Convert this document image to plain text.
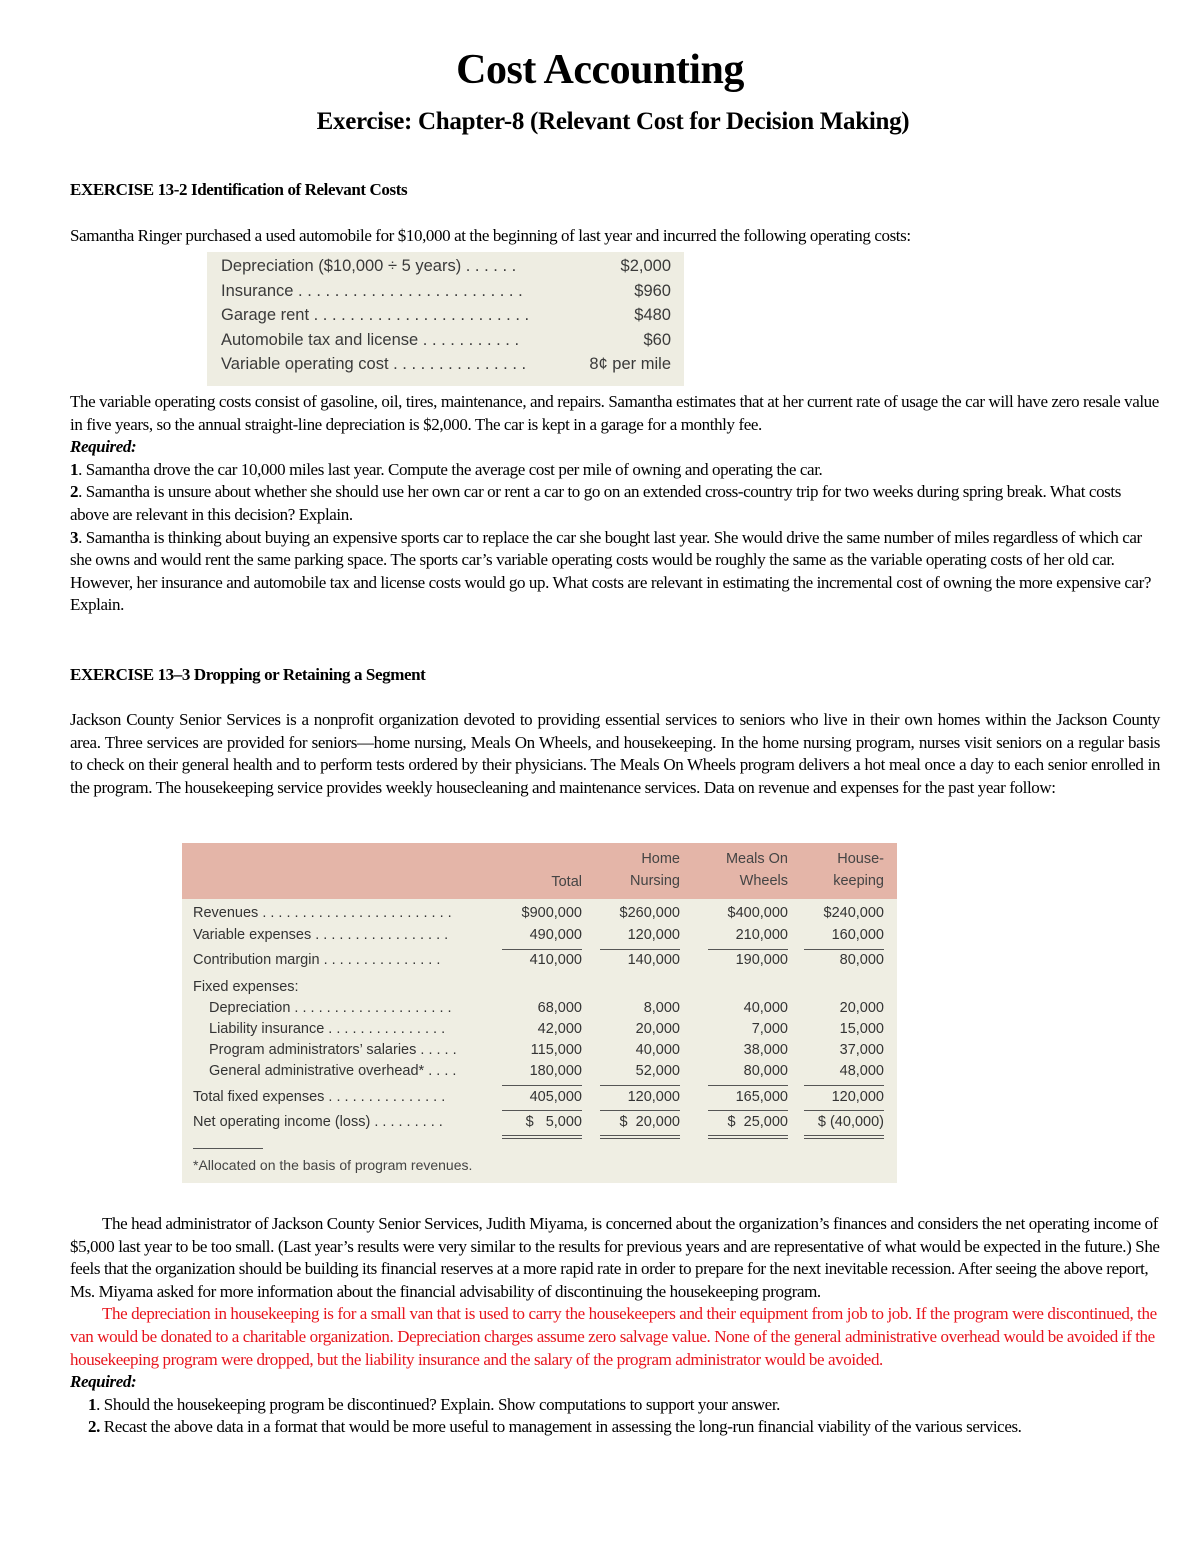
Cost Accounting
Exercise: Chapter-8 (Relevant Cost for Decision Making)
EXERCISE 13-2 Identification of Relevant Costs
Samantha Ringer purchased a used automobile for $10,000 at the beginning of last year and incurred the following operating costs:
Depreciation ($10,000 ÷ 5 years) . . . . . .	$2,000
Insurance . . . . . . . . . . . . . . . . . . . . . . . . .	$960
Garage rent . . . . . . . . . . . . . . . . . . . . . . . .	$480
Automobile tax and license . . . . . . . . . . .	$60
Variable operating cost . . . . . . . . . . . . . . .	8¢ per mile

The variable operating costs consist of gasoline, oil, tires, maintenance, and repairs. Samantha estimates that at her current rate of usage the car will have zero resale value in five years, so the annual straight-line depreciation is $2,000. The car is kept in a garage for a monthly fee.

Required:

1. Samantha drove the car 10,000 miles last year. Compute the average cost per mile of owning and operating the car.

2. Samantha is unsure about whether she should use her own car or rent a car to go on an extended cross-country trip for two weeks during spring break. What costs above are relevant in this decision? Explain.

3. Samantha is thinking about buying an expensive sports car to replace the car she bought last year. She would drive the same number of miles regardless of which car she owns and would rent the same parking space. The sports car’s variable operating costs would be roughly the same as the variable operating costs of her old car. However, her insurance and automobile tax and license costs would go up. What costs are relevant in estimating the incremental cost of owning the more expensive car? Explain.

EXERCISE 13–3 Dropping or Retaining a Segment
Jackson County Senior Services is a nonprofit organization devoted to providing essential services to seniors who live in their own homes within the Jackson County area. Three services are provided for seniors—home nursing, Meals On Wheels, and housekeeping. In the home nursing program, nurses visit seniors on a regular basis to check on their general health and to perform tests ordered by their physicians. The Meals On Wheels program delivers a hot meal once a day to each senior enrolled in the program. The housekeeping service provides weekly housecleaning and maintenance services. Data on revenue and expenses for the past year follow:
Total
Home
Nursing
Meals On
Wheels
House-
keeping
Revenues . . . . . . . . . . . . . . . . . . . . . . . .	$900,000	$260,000	$400,000	$240,000
Variable expenses . . . . . . . . . . . . . . . . .	490,000	120,000	210,000	160,000
Contribution margin . . . . . . . . . . . . . . .	410,000	140,000	190,000	80,000
Fixed expenses:
Depreciation . . . . . . . . . . . . . . . . . . . .	68,000	8,000	40,000	20,000
Liability insurance . . . . . . . . . . . . . . .	42,000	20,000	7,000	15,000
Program administrators’ salaries . . . . .	115,000	40,000	38,000	37,000
General administrative overhead* . . . .	180,000	52,000	80,000	48,000
Total fixed expenses . . . . . . . . . . . . . . .	405,000	120,000	165,000	120,000
Net operating income (loss) . . . . . . . . .	$   5,000	$  20,000	$  25,000	$ (40,000)
*Allocated on the basis of program revenues.

The head administrator of Jackson County Senior Services, Judith Miyama, is concerned about the organization’s finances and considers the net operating income of $5,000 last year to be too small. (Last year’s results were very similar to the results for previous years and are representative of what would be expected in the future.) She feels that the organization should be building its financial reserves at a more rapid rate in order to prepare for the next inevitable recession. After seeing the above report, Ms. Miyama asked for more information about the financial advisability of discontinuing the housekeeping program.

The depreciation in housekeeping is for a small van that is used to carry the housekeepers and their equipment from job to job. If the program were discontinued, the van would be donated to a charitable organization. Depreciation charges assume zero salvage value. None of the general administrative overhead would be avoided if the housekeeping program were dropped, but the liability insurance and the salary of the program administrator would be avoided.

Required:

1. Should the housekeeping program be discontinued? Explain. Show computations to support your answer.

2. Recast the above data in a format that would be more useful to management in assessing the long-run financial viability of the various services.
